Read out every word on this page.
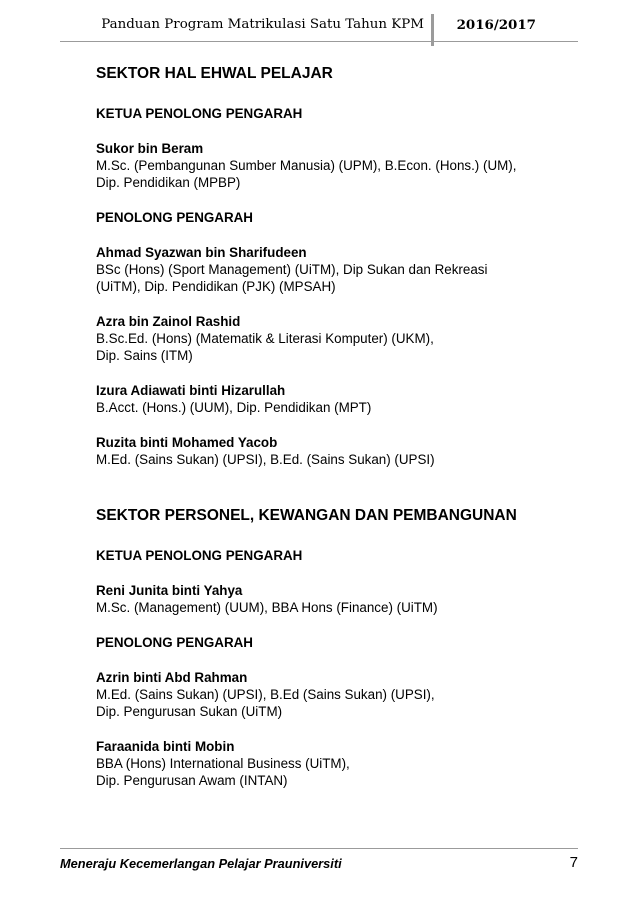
Panduan Program Matrikulasi Satu Tahun KPM 2016/2017
SEKTOR HAL EHWAL PELAJAR
KETUA PENOLONG PENGARAH
Sukor bin Beram
M.Sc. (Pembangunan Sumber Manusia) (UPM), B.Econ. (Hons.) (UM),
Dip. Pendidikan (MPBP)
PENOLONG PENGARAH
Ahmad Syazwan bin Sharifudeen
BSc (Hons) (Sport Management) (UiTM), Dip Sukan dan Rekreasi
(UiTM), Dip. Pendidikan (PJK) (MPSAH)
Azra bin Zainol Rashid
B.Sc.Ed. (Hons) (Matematik & Literasi Komputer) (UKM),
Dip. Sains (ITM)
Izura Adiawati binti Hizarullah
B.Acct. (Hons.) (UUM), Dip. Pendidikan (MPT)
Ruzita binti Mohamed Yacob
M.Ed. (Sains Sukan) (UPSI), B.Ed. (Sains Sukan) (UPSI)
SEKTOR PERSONEL, KEWANGAN DAN PEMBANGUNAN
KETUA PENOLONG PENGARAH
Reni Junita binti Yahya
M.Sc. (Management) (UUM), BBA Hons (Finance) (UiTM)
PENOLONG PENGARAH
Azrin binti Abd Rahman
M.Ed. (Sains Sukan) (UPSI), B.Ed (Sains Sukan) (UPSI),
Dip. Pengurusan Sukan (UiTM)
Faraanida binti Mobin
BBA (Hons) International Business (UiTM),
Dip. Pengurusan Awam (INTAN)
Meneraju Kecemerlangan Pelajar Prauniversiti	7
